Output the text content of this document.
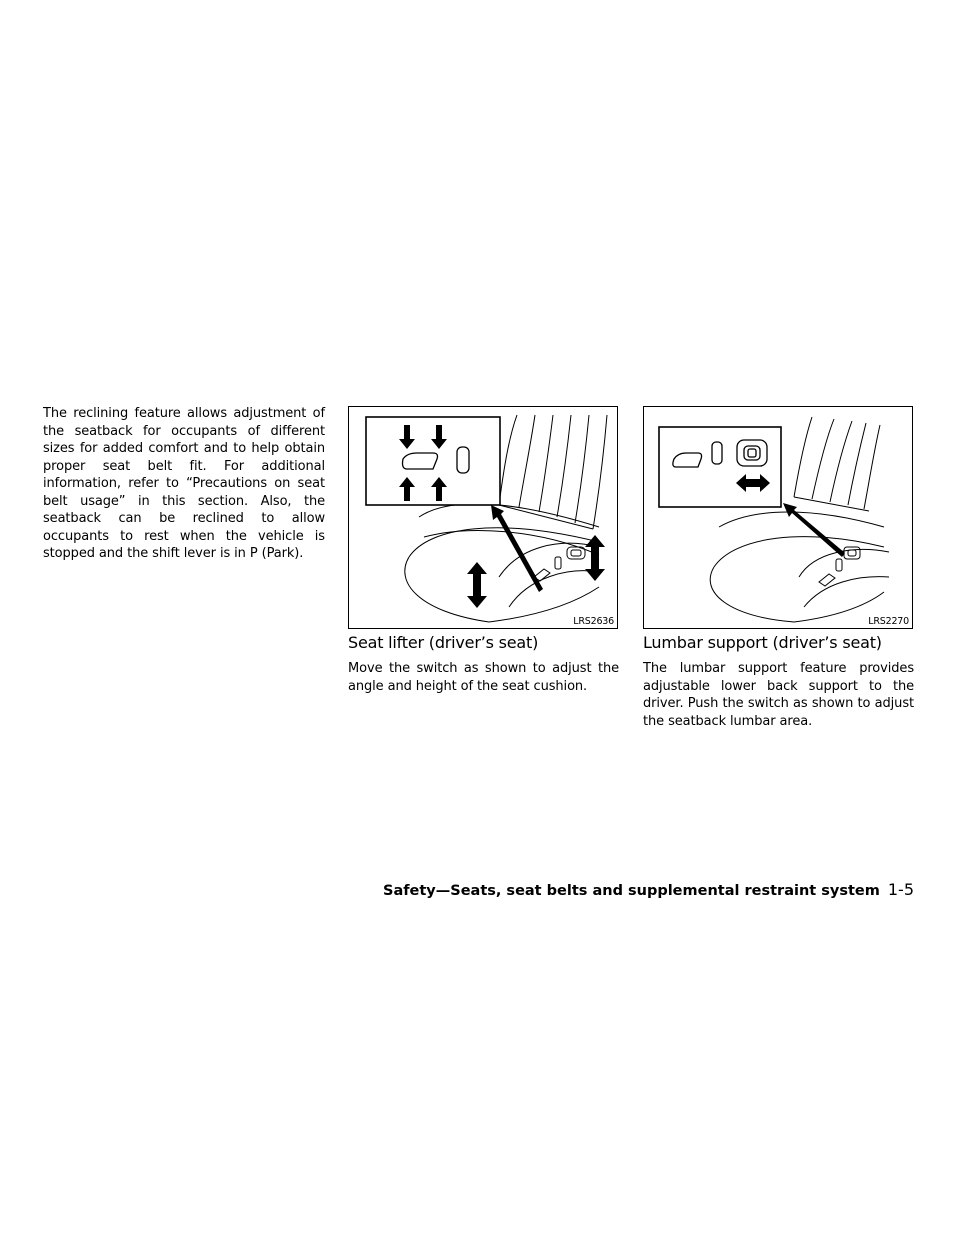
The reclining feature allows adjustment of the seatback for occupants of different sizes for added comfort and to help obtain proper seat belt fit. For additional information, refer to “Precautions on seat belt usage” in this section. Also, the seatback can be reclined to allow occupants to rest when the vehicle is stopped and the shift lever is in P (Park).

LRS2636	LRS2270
Seat lifter (driver’s seat)

Move the switch as shown to adjust the angle and height of the seat cushion.

Lumbar support (driver’s seat)

The lumbar support feature provides adjustable lower back support to the driver. Push the switch as shown to adjust the seatback lumbar area.

Safety—Seats, seat belts and supplemental restraint system 1-5
